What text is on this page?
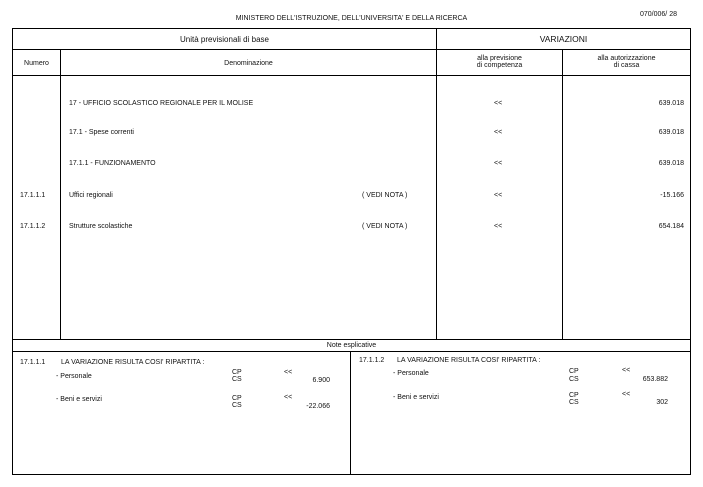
MINISTERO DELL'ISTRUZIONE, DELL'UNIVERSITA' E DELLA RICERCA
070/006/ 28
Unità previsionali di base	VARIAZIONI
Numero	Denominazione
alla previsione
di competenza
alla autorizzazione
di cassa
17 - UFFICIO SCOLASTICO REGIONALE PER IL MOLISE	<<	639.018
17.1 - Spese correnti	<<	639.018
17.1.1 - FUNZIONAMENTO	<<	639.018
17.1.1.1	Uffici regionali	( VEDI NOTA )	<<	-15.166
17.1.1.2	Strutture scolastiche	( VEDI NOTA )	<<	654.184
Note esplicative
17.1.1.1 LA VARIAZIONE RISULTA COSI' RIPARTITA :
- Personale
CP	<<
CS	6.900
- Beni e servizi	CP	<<
CS	-22.066
17.1.1.2 LA VARIAZIONE RISULTA COSI' RIPARTITA :
- Personale	CP	<<
CS	653.882
- Beni e servizi	CP	<<
CS	302
